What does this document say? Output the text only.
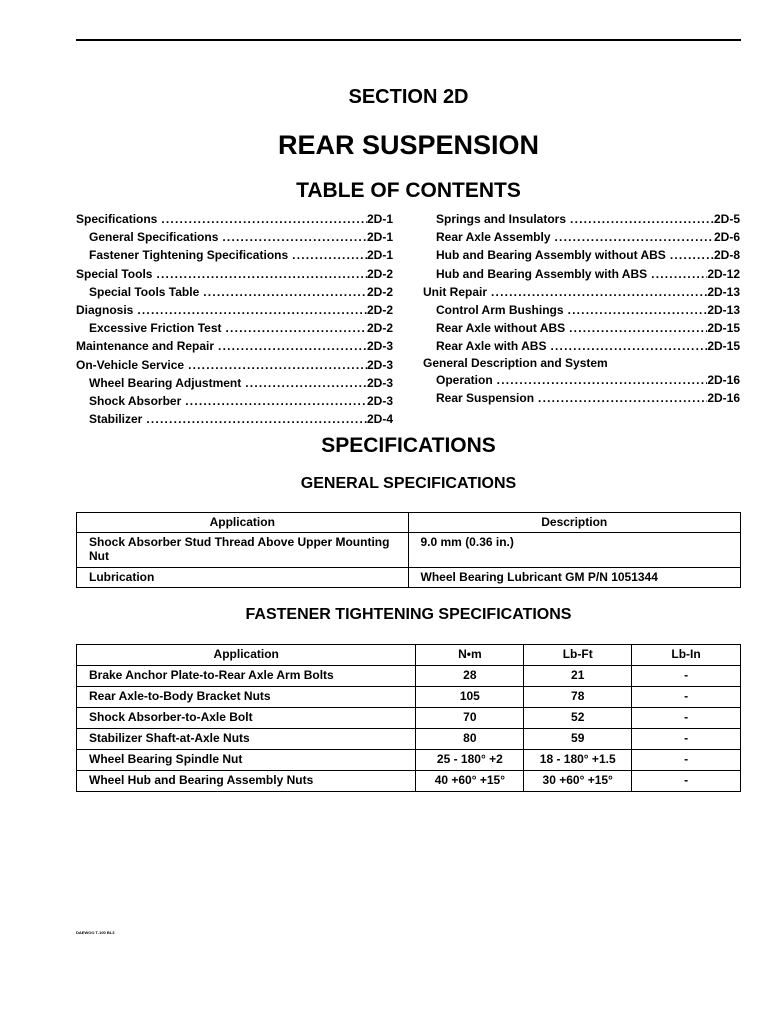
SECTION 2D
REAR SUSPENSION
TABLE OF CONTENTS
Specifications .....	2D-1
General Specifications .....	2D-1
Fastener Tightening Specifications .....	2D-1
Special Tools .....	2D-2
Special Tools Table .....	2D-2
Diagnosis .....	2D-2
Excessive Friction Test .....	2D-2
Maintenance and Repair .....	2D-3
On-Vehicle Service .....	2D-3
Wheel Bearing Adjustment .....	2D-3
Shock Absorber .....	2D-3
Stabilizer .....	2D-4
Springs and Insulators .....	2D-5
Rear Axle Assembly .....	2D-6
Hub and Bearing Assembly without ABS .....	2D-8
Hub and Bearing Assembly with ABS .....	2D-12
Unit Repair .....	2D-13
Control Arm Bushings .....	2D-13
Rear Axle without ABS .....	2D-15
Rear Axle with ABS .....	2D-15
General Description and System
Operation .....	2D-16
Rear Suspension .....	2D-16
SPECIFICATIONS
GENERAL SPECIFICATIONS
Application	Description
Shock Absorber Stud Thread Above Upper Mounting Nut	9.0 mm (0.36 in.)
Lubrication	Wheel Bearing Lubricant GM P/N 1051344
FASTENER TIGHTENING SPECIFICATIONS
Application	N•m	Lb-Ft	Lb-In
Brake Anchor Plate-to-Rear Axle Arm Bolts	28	21	-
Rear Axle-to-Body Bracket Nuts	105	78	-
Shock Absorber-to-Axle Bolt	70	52	-
Stabilizer Shaft-at-Axle Nuts	80	59	-
Wheel Bearing Spindle Nut	25 - 180° +2	18 - 180° +1.5	-
Wheel Hub and Bearing Assembly Nuts	40 +60° +15°	30 +60° +15°	-
DAEWOO T-100 BL3
